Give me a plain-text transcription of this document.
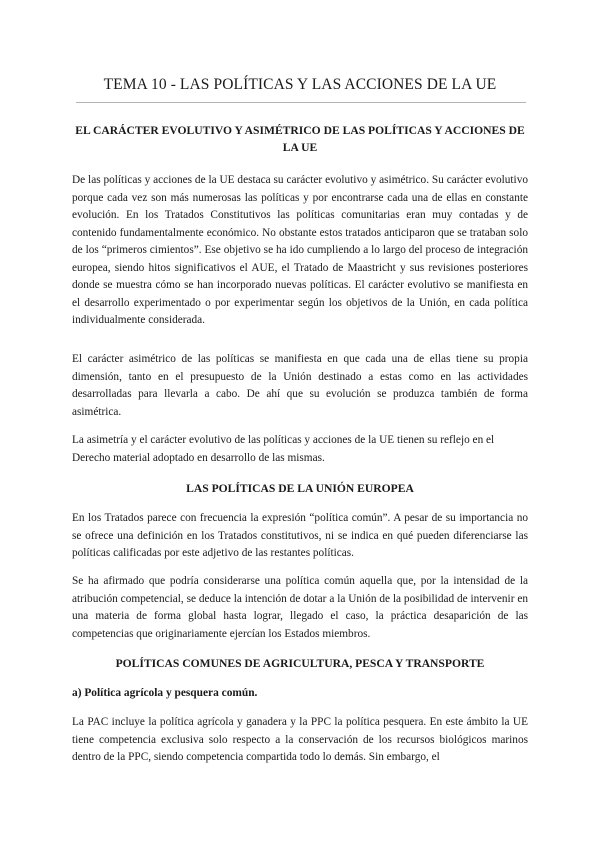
TEMA 10 - LAS POLÍTICAS Y LAS ACCIONES DE LA UE
EL CARÁCTER EVOLUTIVO Y ASIMÉTRICO DE LAS POLÍTICAS Y ACCIONES DE LA UE

De las políticas y acciones de la UE destaca su carácter evolutivo y asimétrico. Su carácter evolutivo porque cada vez son más numerosas las políticas y por encontrarse cada una de ellas en constante evolución. En los Tratados Constitutivos las políticas comunitarias eran muy contadas y de contenido fundamentalmente económico. No obstante estos tratados anticiparon que se trataban solo de los “primeros cimientos”. Ese objetivo se ha ido cumpliendo a lo largo del proceso de integración europea, siendo hitos significativos el AUE, el Tratado de Maastricht y sus revisiones posteriores donde se muestra cómo se han incorporado nuevas políticas. El carácter evolutivo se manifiesta en el desarrollo experimentado o por experimentar según los objetivos de la Unión, en cada política individualmente considerada.

El carácter asimétrico de las políticas se manifiesta en que cada una de ellas tiene su propia dimensión, tanto en el presupuesto de la Unión destinado a estas como en las actividades desarrolladas para llevarla a cabo. De ahí que su evolución se produzca también de forma asimétrica.

La asimetría y el carácter evolutivo de las políticas y acciones de la UE tienen su reflejo en el Derecho material adoptado en desarrollo de las mismas.

LAS POLÍTICAS DE LA UNIÓN EUROPEA

En los Tratados parece con frecuencia la expresión “política común”. A pesar de su importancia no se ofrece una definición en los Tratados constitutivos, ni se indica en qué pueden diferenciarse las políticas calificadas por este adjetivo de las restantes políticas.

Se ha afirmado que podría considerarse una política común aquella que, por la intensidad de la atribución competencial, se deduce la intención de dotar a la Unión de la posibilidad de intervenir en una materia de forma global hasta lograr, llegado el caso, la práctica desaparición de las competencias que originariamente ejercían los Estados miembros.

POLÍTICAS COMUNES DE AGRICULTURA, PESCA Y TRANSPORTE
a) Política agrícola y pesquera común.

La PAC incluye la política agrícola y ganadera y la PPC la política pesquera. En este ámbito la UE tiene competencia exclusiva solo respecto a la conservación de los recursos biológicos marinos dentro de la PPC, siendo competencia compartida todo lo demás. Sin embargo, el
